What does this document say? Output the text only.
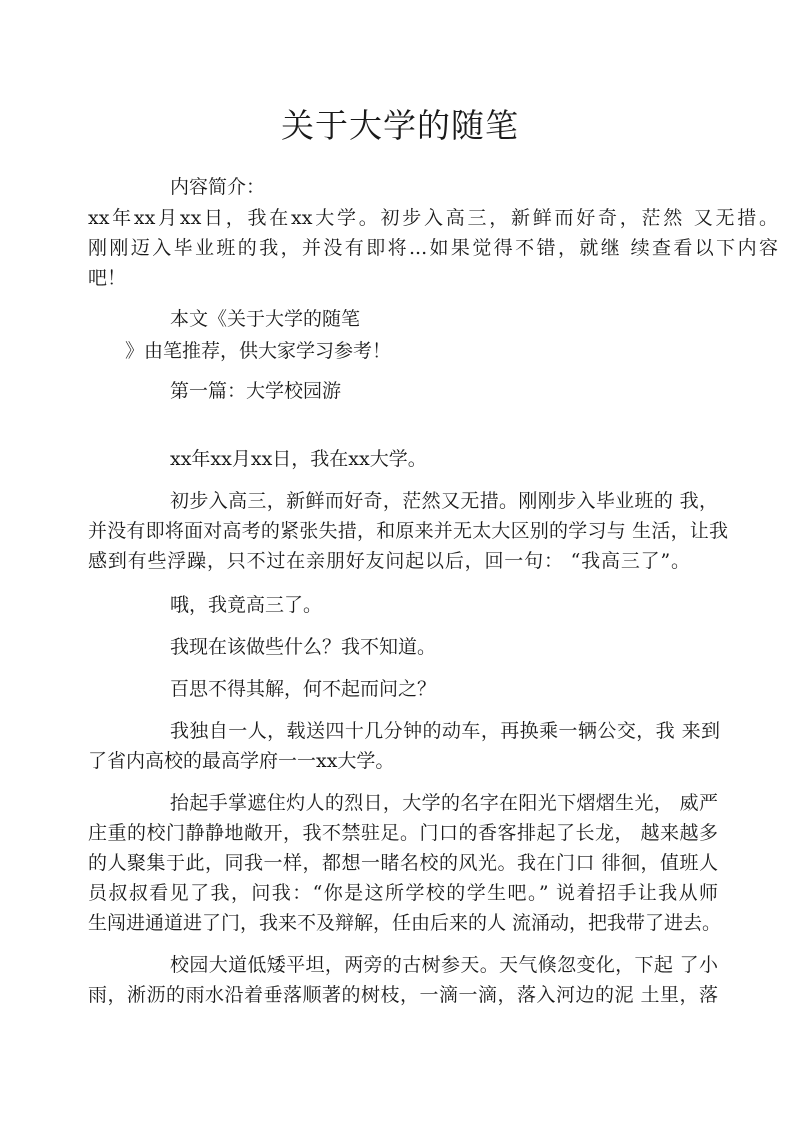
关于大学的随笔

内容简介：

xx年xx月xx日，我在xx大学。初步入高三，新鲜而好奇，茫然 又无措。

刚刚迈入毕业班的我，并没有即将...如果觉得不错，就继 续查看以下内容

吧！

本文《关于大学的随笔

》由笔推荐，供大家学习参考！

第一篇：大学校园游

xx年xx月xx日，我在xx大学。

初步入高三，新鲜而好奇，茫然又无措。刚刚步入毕业班的 我，

并没有即将面对高考的紧张失措，和原来并无太大区别的学习与 生活，让我

感到有些浮躁，只不过在亲朋好友问起以后，回一句： “我高三了”。

哦，我竟高三了。

我现在该做些什么？我不知道。

百思不得其解，何不起而问之？

我独自一人，载送四十几分钟的动车，再换乘一辆公交，我 来到

了省内高校的最高学府一一xx大学。

抬起手掌遮住灼人的烈日，大学的名字在阳光下熠熠生光， 威严

庄重的校门静静地敞开，我不禁驻足。门口的香客排起了长龙， 越来越多

的人聚集于此，同我一样，都想一睹名校的风光。我在门口 徘徊，值班人

员叔叔看见了我，问我：“你是这所学校的学生吧。” 说着招手让我从师

生闯进通道进了门，我来不及辩解，任由后来的人 流涌动，把我带了进去。

校园大道低矮平坦，两旁的古树参天。天气倏忽变化，下起 了小

雨，淅沥的雨水沿着垂落顺著的树枝，一滴一滴，落入河边的泥 土里，落
